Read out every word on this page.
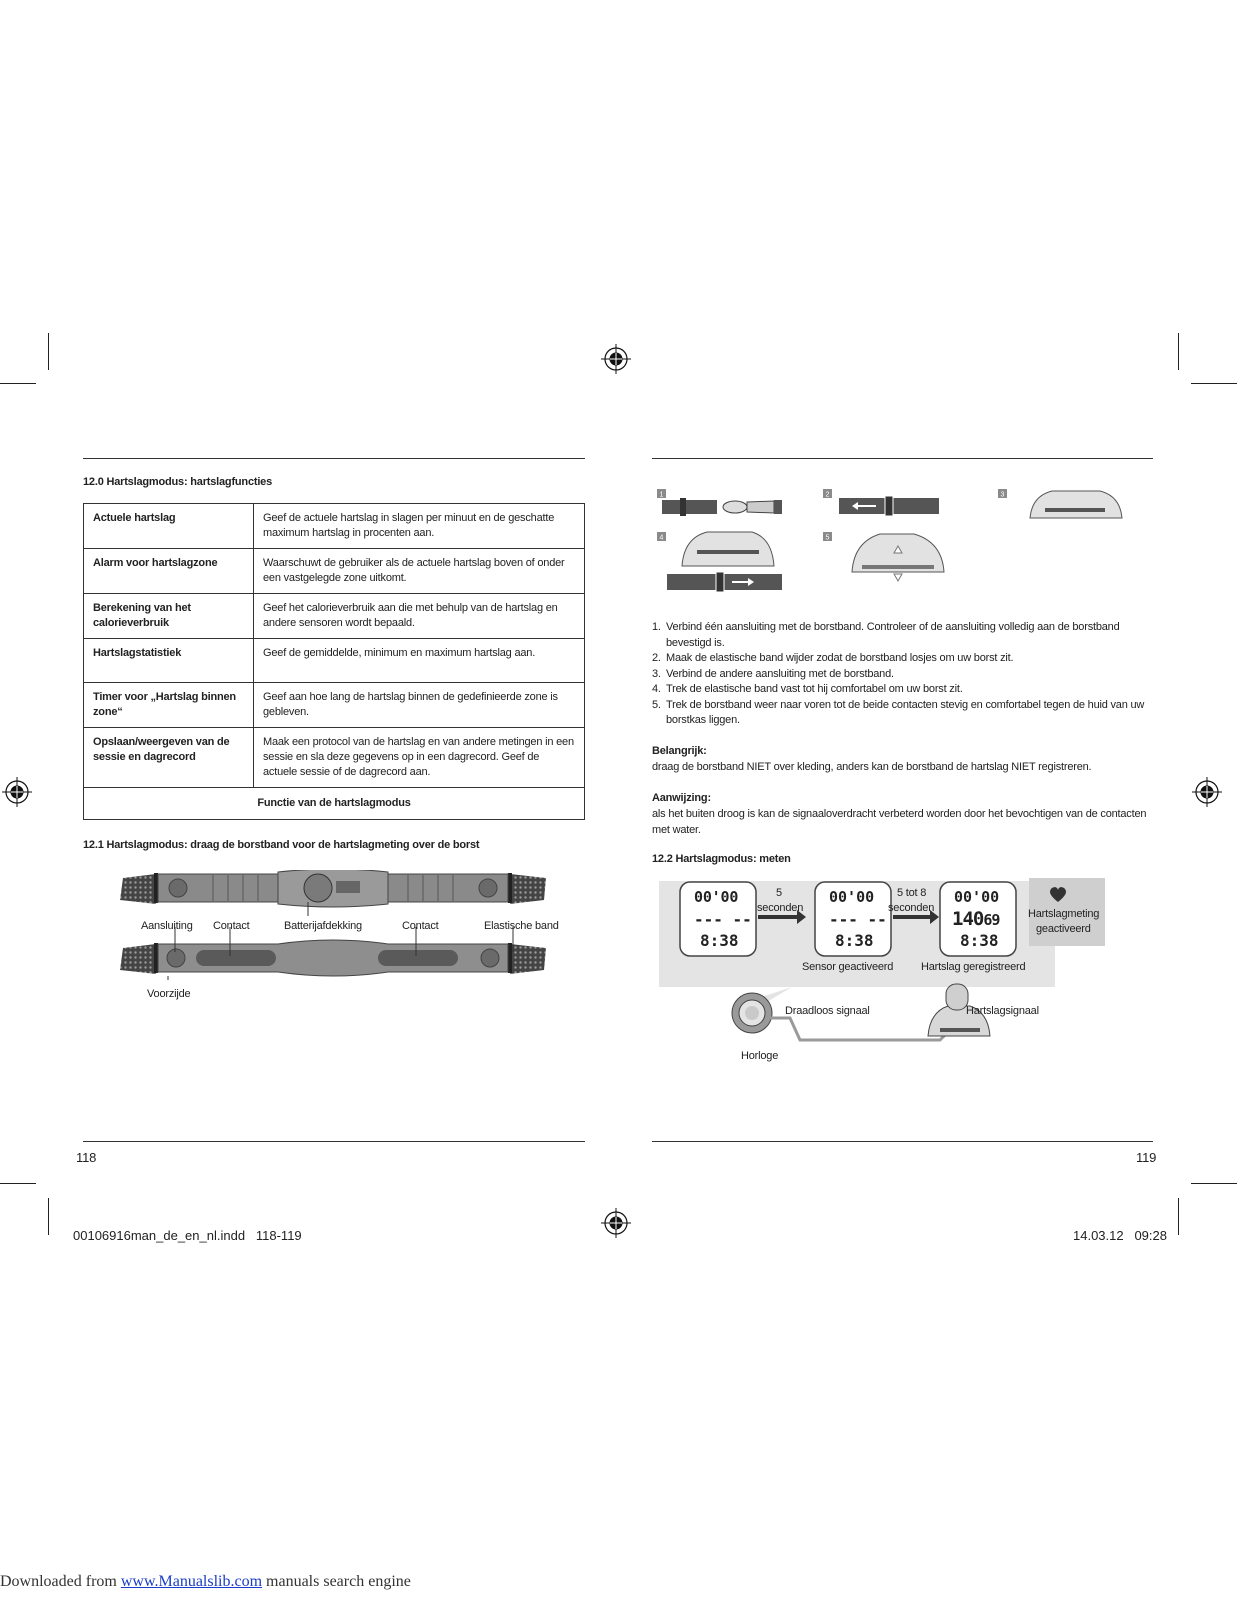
12.0 Hartslagmodus: hartslagfuncties
Actuele hartslag	Geef de actuele hartslag in slagen per minuut en de geschatte maximum hartslag in procenten aan.
Alarm voor hartslagzone	Waarschuwt de gebruiker als de actuele hartslag boven of onder een vastgelegde zone uitkomt.
Berekening van het calorieverbruik	Geef het calorieverbruik aan die met behulp van de hartslag en andere sensoren wordt bepaald.
Hartslagstatistiek	Geef de gemiddelde, minimum en maximum hartslag aan.
Timer voor „Hartslag binnen zone“	Geef aan hoe lang de hartslag binnen de gedefinieerde zone is gebleven.
Opslaan/weergeven van de sessie en dagrecord	Maak een protocol van de hartslag en van andere metingen in een sessie en sla deze gegevens op in een dagrecord. Geef de actuele sessie of de dagrecord aan.
Functie van de hartslagmodus	
12.1 Hartslagmodus: draag de borstband voor de hartslagmeting over de borst
Aansluiting Contact	Batterijafdekking	Contact	Elastische band
Voorzijde
1	2	3
4	5
1. Verbind één aansluiting met de borstband. Controleer of de aansluiting volledig aan de borstband bevestigd is.
2. Maak de elastische band wijder zodat de borstband losjes om uw borst zit.
3. Verbind de andere aansluiting met de borstband.
4. Trek de elastische band vast tot hij comfortabel om uw borst zit.
5. Trek de borstband weer naar voren tot de beide contacten stevig en comfortabel tegen de huid van uw borstkas liggen.
Belangrijk:
draag de borstband NIET over kleding, anders kan de borstband de hartslag NIET registreren.
Aanwijzing:
als het buiten droog is kan de signaaloverdracht verbeterd worden door het bevochtigen van de contacten met water.
12.2 Hartslagmodus: meten
00'00
--- --
8:38
00'00
--- --
8:38
00'00
14069
8:38
5
seconden
5 tot 8
seconden	Hartslagmeting
geactiveerd
Sensor geactiveerd	Hartslag geregistreerd
Draadloos signaal	Hartslagsignaal
Horloge
118	119
00106916man_de_en_nl.indd   118-119	14.03.12   09:28
Downloaded from www.Manualslib.com manuals search engine
